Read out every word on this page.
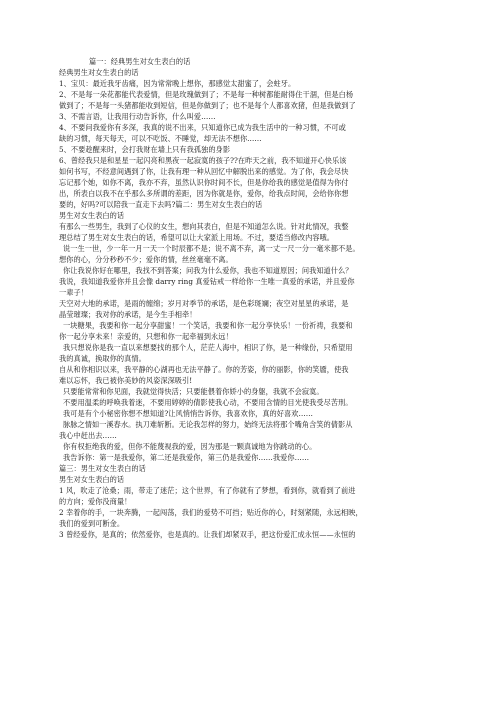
篇一：经典男生对女生表白的话
经典男生对女生表白的话
1、宝贝：最近我牙齿痛，因为常常晚上想你，那感觉太甜蜜了，会蛀牙。
2、不是每一朵花都能代表爱情，但是玫瑰做到了；不是每一种树都能耐得住干涸，但是白杨
做到了；不是每一头猪都能收到短信，但是你做到了；也不是每个人都喜欢猪，但是我做到了
3、不需言语，让我用行动告诉你，什么叫爱……
4、不要问我爱你有多深，我真的说不出来，只知道你已成为我生活中的一种习惯，不可或
缺的习惯，每天每天，可以不吃饭、不睡觉，却无法不想你……
5、不要趁醒来时，会打我财在墙上只有我孤独的身影
6、曾经我只是和星星一起闪亮和黑夜一起寂寞的孩子??在昨天之前，我不知道开心快乐该
如何书写，不经意间遇到了你，让我有理一种从回忆中解脱出来的感觉。为了你，我会尽快
忘记那个她，如你不离，我亦不弃，虽然认识你时间不长，但是你给我的感觉是值得为你付
出，所表白以我不在乎那么多所谓的差距，因为你就是你，爱你，给我点时间，会给你你想
要的，好吗?可以陪我一直走下去吗?篇二：男生对女生表白的话
男生对女生表白的话
有那么一些男生，我到了心仪的女生，想向其表白，但是不知道怎么说。针对此情况，我整
理总结了男生对女生表白的话，希望可以让大家派上用场。不过，要适当修改内容哦。
说一生一世，少一年一月一天一个时辰都不是；说不离不弃，离一丈一尺一分一毫米都不是。
想你的心，分分秒秒不少；爱你的情，丝丝毫毫不离。
你让我说你好在哪里，我找不到答案；问我为什么爱你，我也不知道原因；问我知道什么？
我说，我知道我爱你并且会像 darry ring 真爱钻戒一样给你一生唯一真爱的承诺，并且爱你
一辈子！
天空对大地的承诺，是雨的缠绵；岁月对季节的承诺，是色彩斑斓；夜空对星星的承诺，是
晶莹璀璨；我对你的承诺，是今生手相牵！
一块糖果，我要和你一起分享甜蜜！一个笑话，我要和你一起分享快乐！一份祈祷，我要和
你一起分享未来！亲爱的，只想和你一起牵福到永远！
我只想说你是我一直以来想要找的那个人，茫茫人海中，相识了你，是一种缘份，只希望用
我的真诚，换取你的真情。
自从和你相识以来，我平静的心湖再也无法平静了。你的芳姿，你的丽影，你的笑靥，使我
难以忘怀，我已被你美妙的风姿深深吸引!
只要能常常和你见面，我就觉得快活；只要能偎着你娇小的身躯，我就不会寂寞。
不要用温柔的呼唤我着迷，不要用婷婷的倩影使我心动，不要用含情的目光使我受尽苦刑。
我可是有个小秘密你想不想知道?让风悄悄告诉你，我喜欢你，真的好喜欢……
脉脉之情如一溪春水。执刀难斩断。无论我怎样的努力，始终无法将那个嘴角含笑的倩影从
我心中赶出去……
你有权拒绝我的爱，但你不能蔑视我的爱，因为那是一颗真诚地为你跳动的心。
我告诉你：第一是我爱你，第二还是我爱你，第三仍是我爱你……我爱你……
篇三：男生对女生表白的话
男生对女生表白的话
1 风，吹走了沧桑；雨，带走了迷茫；这个世界，有了你就有了梦想，看到你，就看到了前进
的方向；爱你没商量！
2 幸着你的手，一块奔腾，一起闯荡，我们的爱势不可挡；贴近你的心，时刻紧随，永远相映，
我们的爱到可断金。
3 曾经爱你，是真的；依然爱你，也是真的。让我们却紧双手，把这份爱汇成永恒——永恒的
